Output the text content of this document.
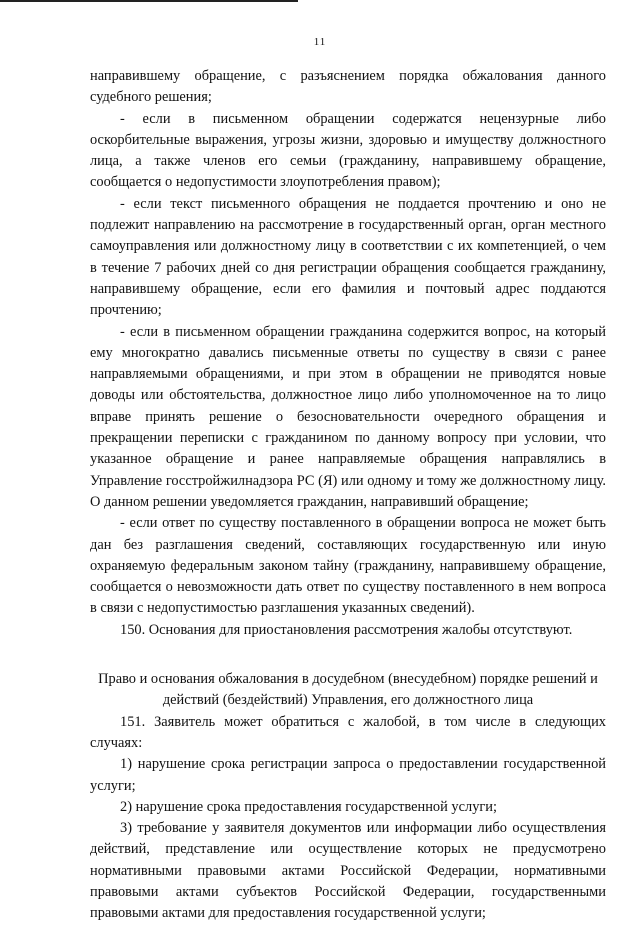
11

направившему обращение, с разъяснением порядка обжалования данного судебного решения;

- если в письменном обращении содержатся нецензурные либо оскорбительные выражения, угрозы жизни, здоровью и имуществу должностного лица, а также членов его семьи (гражданину, направившему обращение, сообщается о недопустимости злоупотребления правом);

- если текст письменного обращения не поддается прочтению и оно не подлежит направлению на рассмотрение в государственный орган, орган местного самоуправления или должностному лицу в соответствии с их компетенцией, о чем в течение 7 рабочих дней со дня регистрации обращения сообщается гражданину, направившему обращение, если его фамилия и почтовый адрес поддаются прочтению;

- если в письменном обращении гражданина содержится вопрос, на который ему многократно давались письменные ответы по существу в связи с ранее направляемыми обращениями, и при этом в обращении не приводятся новые доводы или обстоятельства, должностное лицо либо уполномоченное на то лицо вправе принять решение о безосновательности очередного обращения и прекращении переписки с гражданином по данному вопросу при условии, что указанное обращение и ранее направляемые обращения направлялись в Управление госстройжилнадзора РС (Я) или одному и тому же должностному лицу. О данном решении уведомляется гражданин, направивший обращение;

- если ответ по существу поставленного в обращении вопроса не может быть дан без разглашения сведений, составляющих государственную или иную охраняемую федеральным законом тайну (гражданину, направившему обращение, сообщается о невозможности дать ответ по существу поставленного в нем вопроса в связи с недопустимостью разглашения указанных сведений).

150. Основания для приостановления рассмотрения жалобы отсутствуют.

Право и основания обжалования в досудебном (внесудебном) порядке решений и действий (бездействий) Управления, его должностного лица

151. Заявитель может обратиться с жалобой, в том числе в следующих случаях:

1) нарушение срока регистрации запроса о предоставлении государственной услуги;

2) нарушение срока предоставления государственной услуги;

3) требование у заявителя документов или информации либо осуществления действий, представление или осуществление которых не предусмотрено нормативными правовыми актами Российской Федерации, нормативными правовыми актами субъектов Российской Федерации, государственными правовыми актами для предоставления государственной услуги;
